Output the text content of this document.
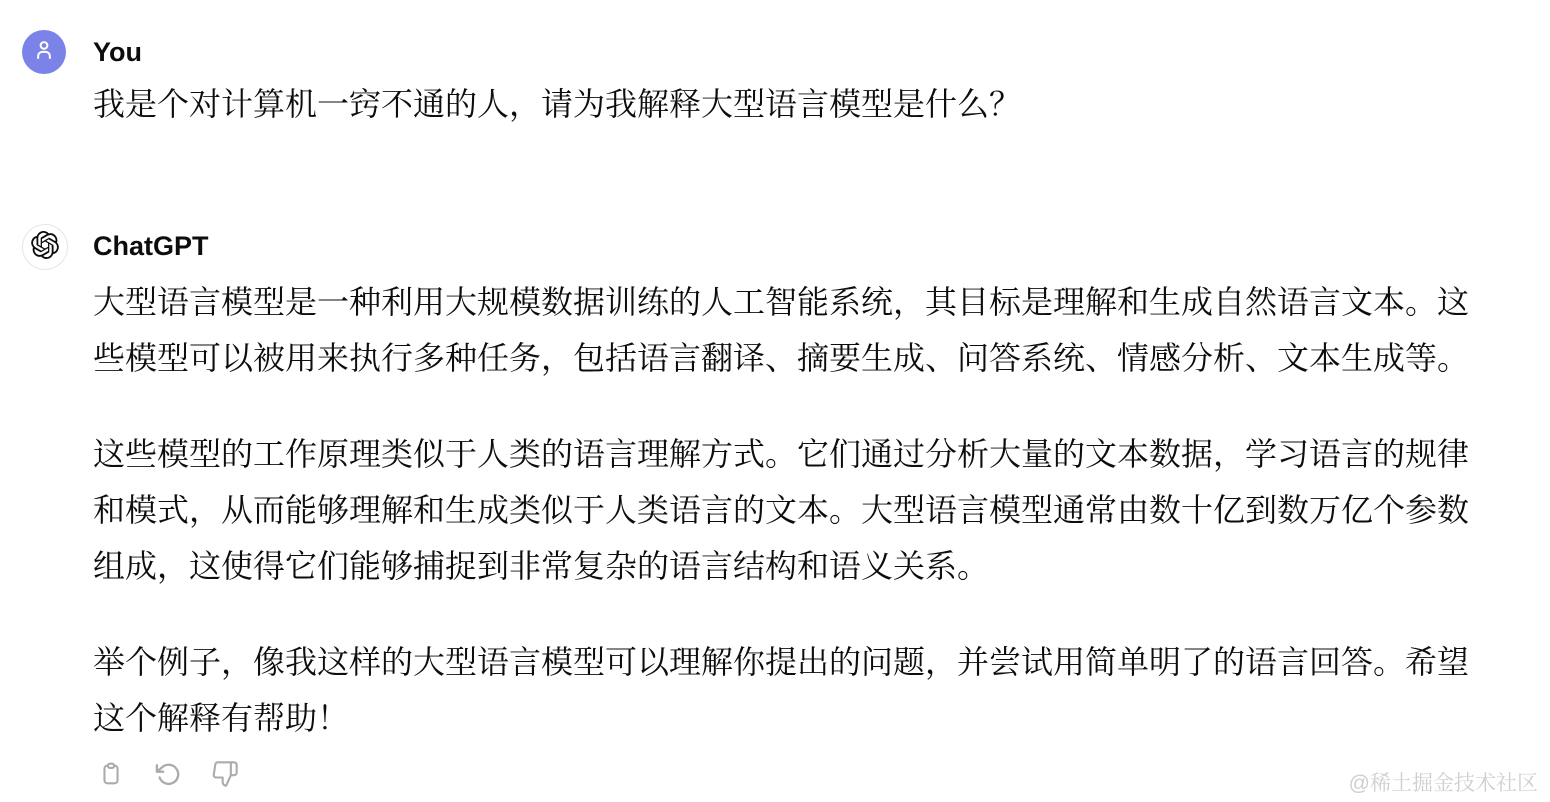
You
我是个对计算机一窍不通的人，请为我解释大型语言模型是什么？
ChatGPT

大型语言模型是一种利用大规模数据训练的人工智能系统，其目标是理解和生成自然语言文本。这些模型可以被用来执行多种任务，包括语言翻译、摘要生成、问答系统、情感分析、文本生成等。

这些模型的工作原理类似于人类的语言理解方式。它们通过分析大量的文本数据，学习语言的规律和模式，从而能够理解和生成类似于人类语言的文本。大型语言模型通常由数十亿到数万亿个参数组成，这使得它们能够捕捉到非常复杂的语言结构和语义关系。

举个例子，像我这样的大型语言模型可以理解你提出的问题，并尝试用简单明了的语言回答。希望这个解释有帮助！

@稀土掘金技术社区
